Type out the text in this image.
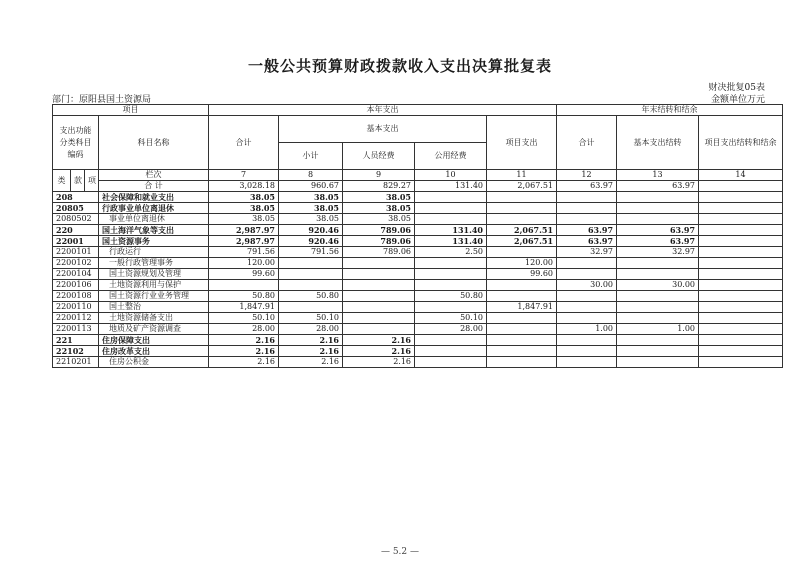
一般公共预算财政拨款收入支出决算批复表
财决批复05表
部门：原阳县国土资源局	金额单位万元
项目				本年支出					年末结转和结余		
支出功能分类科目编码			科目名称	合计	基本支出			项目支出	合计	基本支出结转	项目支出结转和结余
					小计	人员经费	公用经费				
类	款	项	栏次	7	8	9	10	11	12	13	14
			合 计	3,028.18	960.67	829.27	131.40	2,067.51	63.97	63.97	
208			社会保障和就业支出	38.05	38.05	38.05					
20805			行政事业单位离退休	38.05	38.05	38.05					
2080502			事业单位离退休	38.05	38.05	38.05					
220			国土海洋气象等支出	2,987.97	920.46	789.06	131.40	2,067.51	63.97	63.97	
22001			国土资源事务	2,987.97	920.46	789.06	131.40	2,067.51	63.97	63.97	
2200101			行政运行	791.56	791.56	789.06	2.50		32.97	32.97	
2200102			一般行政管理事务	120.00				120.00			
2200104			国土资源规划及管理	99.60				99.60			
2200106			土地资源利用与保护						30.00	30.00	
2200108			国土资源行业业务管理	50.80	50.80		50.80				
2200110			国土整治	1,847.91				1,847.91			
2200112			土地资源储备支出	50.10	50.10		50.10				
2200113			地质及矿产资源调查	28.00	28.00		28.00		1.00	1.00	
221			住房保障支出	2.16	2.16	2.16					
22102			住房改革支出	2.16	2.16	2.16					
2210201			住房公积金	2.16	2.16	2.16					
— 5.2 —
